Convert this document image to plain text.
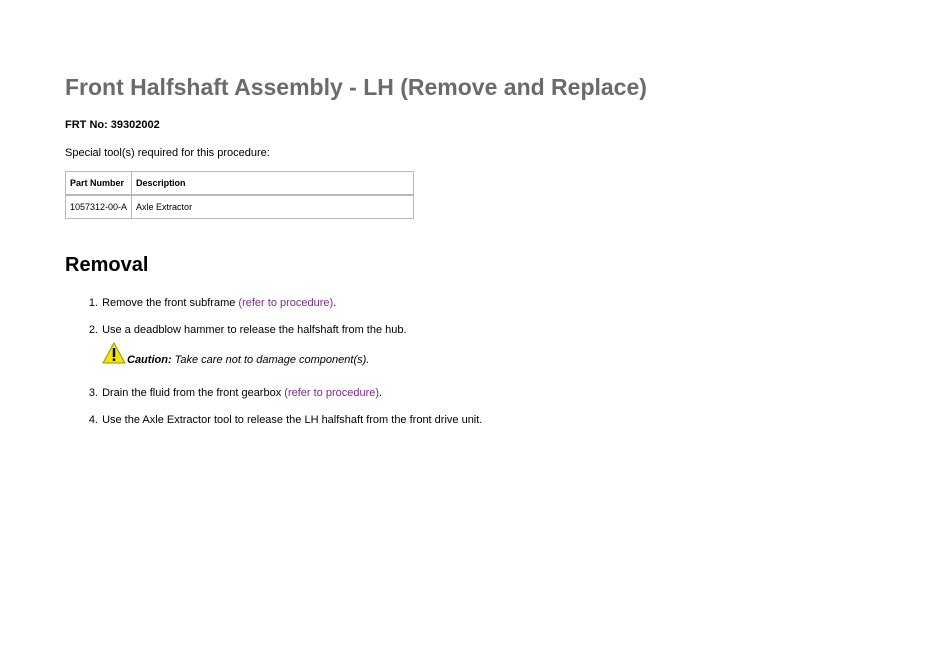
Front Halfshaft Assembly - LH (Remove and Replace)
FRT No: 39302002
Special tool(s) required for this procedure:
Part Number	Description
1057312-00-A	Axle Extractor
Removal
1. Remove the front subframe (refer to procedure).
2. Use a deadblow hammer to release the halfshaft from the hub.
Caution: Take care not to damage component(s).
3. Drain the fluid from the front gearbox (refer to procedure).
4. Use the Axle Extractor tool to release the LH halfshaft from the front drive unit.
